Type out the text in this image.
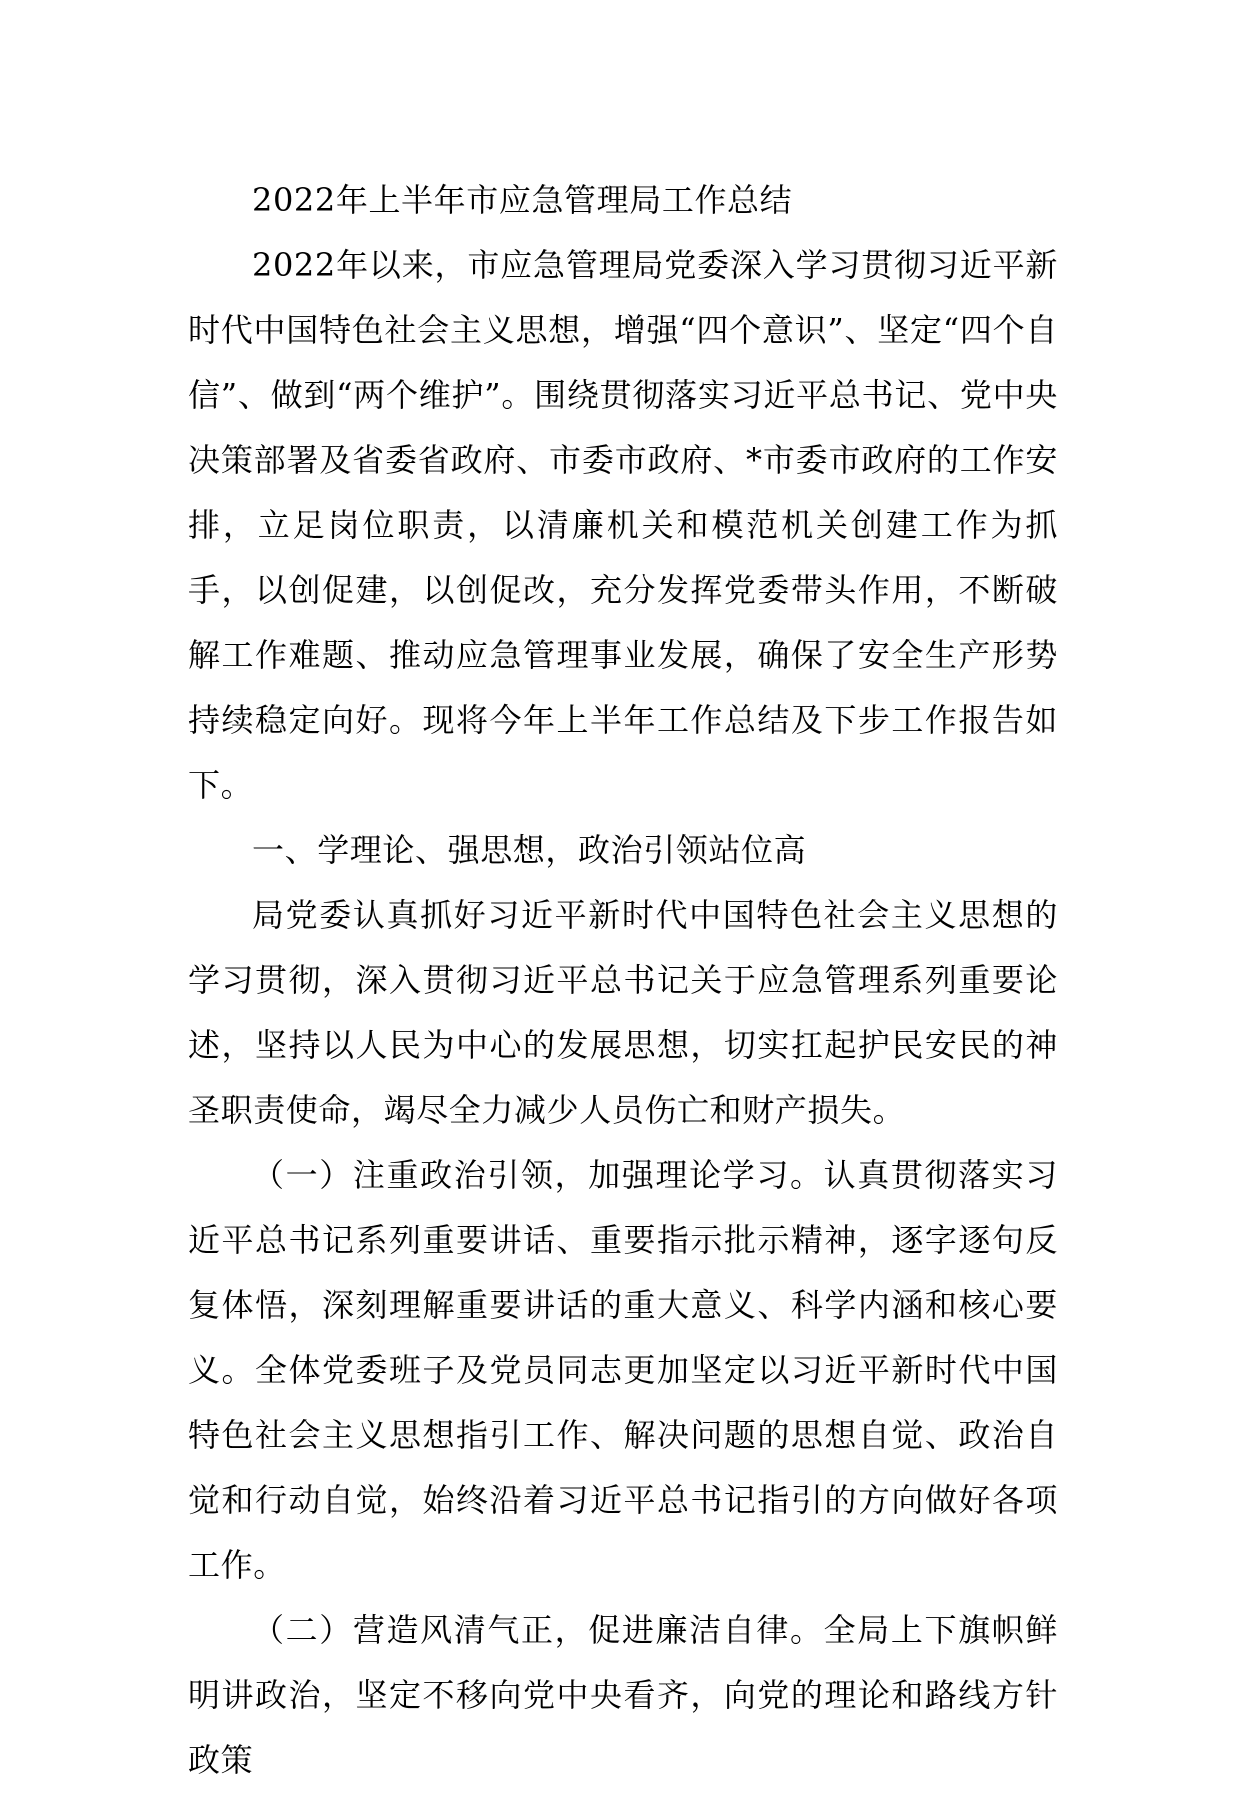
2022年上半年市应急管理局工作总结

2022年以来，市应急管理局党委深入学习贯彻习近平新时代中国特色社会主义思想，增强“四个意识”、坚定“四个自信”、做到“两个维护”。围绕贯彻落实习近平总书记、党中央决策部署及省委省政府、市委市政府、*市委市政府的工作安排，立足岗位职责，以清廉机关和模范机关创建工作为抓手，以创促建，以创促改，充分发挥党委带头作用，不断破解工作难题、推动应急管理事业发展，确保了安全生产形势持续稳定向好。现将今年上半年工作总结及下步工作报告如下。

一、学理论、强思想，政治引领站位高

局党委认真抓好习近平新时代中国特色社会主义思想的学习贯彻，深入贯彻习近平总书记关于应急管理系列重要论述，坚持以人民为中心的发展思想，切实扛起护民安民的神圣职责使命，竭尽全力减少人员伤亡和财产损失。

（一）注重政治引领，加强理论学习。认真贯彻落实习近平总书记系列重要讲话、重要指示批示精神，逐字逐句反复体悟，深刻理解重要讲话的重大意义、科学内涵和核心要义。全体党委班子及党员同志更加坚定以习近平新时代中国特色社会主义思想指引工作、解决问题的思想自觉、政治自觉和行动自觉，始终沿着习近平总书记指引的方向做好各项工作。

（二）营造风清气正，促进廉洁自律。全局上下旗帜鲜明讲政治，坚定不移向党中央看齐，向党的理论和路线方针政策
